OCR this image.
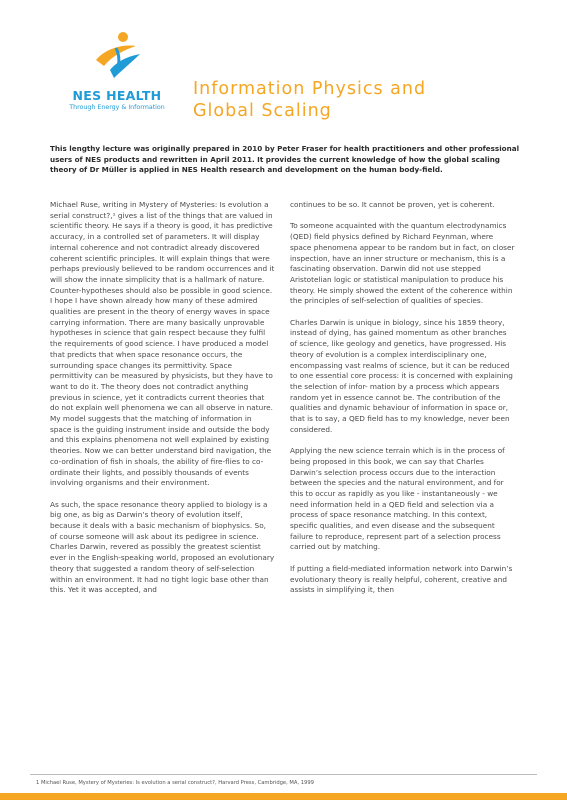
NES HEALTH
Through Energy & Information
Information Physics and
Global Scaling
This lengthy lecture was originally prepared in 2010 by Peter Fraser for health practitioners and other professional users of NES products and rewritten in April 2011. It provides the current knowledge of how the global scaling theory of Dr Müller is applied in NES Health research and development on the human body-field.

Michael Ruse, writing in Mystery of Mysteries: Is evolution a serial construct?,¹ gives a list of the things that are valued in scientific theory. He says if a theory is good, it has predictive accuracy, in a controlled set of parameters. It will display internal coherence and not contradict already discovered coherent scientific principles. It will explain things that were perhaps previously believed to be random occurrences and it will show the innate simplicity that is a hallmark of nature. Counter-hypotheses should also be possible in good science. I hope I have shown already how many of these admired qualities are present in the theory of energy waves in space carrying information. There are many basically unprovable hypotheses in science that gain respect because they fulfil the requirements of good science. I have produced a model that predicts that when space resonance occurs, the surrounding space changes its permittivity. Space permittivity can be measured by physicists, but they have to want to do it. The theory does not contradict anything previous in science, yet it contradicts current theories that do not explain well phenomena we can all observe in nature. My model suggests that the matching of information in space is the guiding instrument inside and outside the body and this explains phenomena not well explained by existing theories. Now we can better understand bird navigation, the co-ordination of fish in shoals, the ability of fire-flies to co-ordinate their lights, and possibly thousands of events involving organisms and their environment.

As such, the space resonance theory applied to biology is a big one, as big as Darwin’s theory of evolution itself, because it deals with a basic mechanism of biophysics. So, of course someone will ask about its pedigree in science. Charles Darwin, revered as possibly the greatest scientist ever in the English-speaking world, proposed an evolutionary theory that suggested a random theory of self-selection within an environment. It had no tight logic base other than this. Yet it was accepted, and

continues to be so. It cannot be proven, yet is coherent.

To someone acquainted with the quantum electrodynamics (QED) field physics defined by Richard Feynman, where space phenomena appear to be random but in fact, on closer inspection, have an inner structure or mechanism, this is a fascinating observation. Darwin did not use stepped Aristotelian logic or statistical manipulation to produce his theory. He simply showed the extent of the coherence within the principles of self-selection of qualities of species.

Charles Darwin is unique in biology, since his 1859 theory, instead of dying, has gained momentum as other branches of science, like geology and genetics, have progressed. His theory of evolution is a complex interdisciplinary one, encompassing vast realms of science, but it can be reduced to one essential core process: it is concerned with explaining the selection of infor- mation by a process which appears random yet in essence cannot be. The contribution of the qualities and dynamic behaviour of information in space or, that is to say, a QED field has to my knowledge, never been considered.

Applying the new science terrain which is in the process of being proposed in this book, we can say that Charles Darwin’s selection process occurs due to the interaction between the species and the natural environment, and for this to occur as rapidly as you like - instantaneously - we need information held in a QED field and selection via a process of space resonance matching. In this context, specific qualities, and even disease and the subsequent failure to reproduce, represent part of a selection process carried out by matching.

If putting a field-mediated information network into Darwin’s evolutionary theory is really helpful, coherent, creative and assists in simplifying it, then

1 Michael Ruse, Mystery of Mysteries: Is evolution a serial construct?, Harvard Press, Cambridge, MA, 1999
